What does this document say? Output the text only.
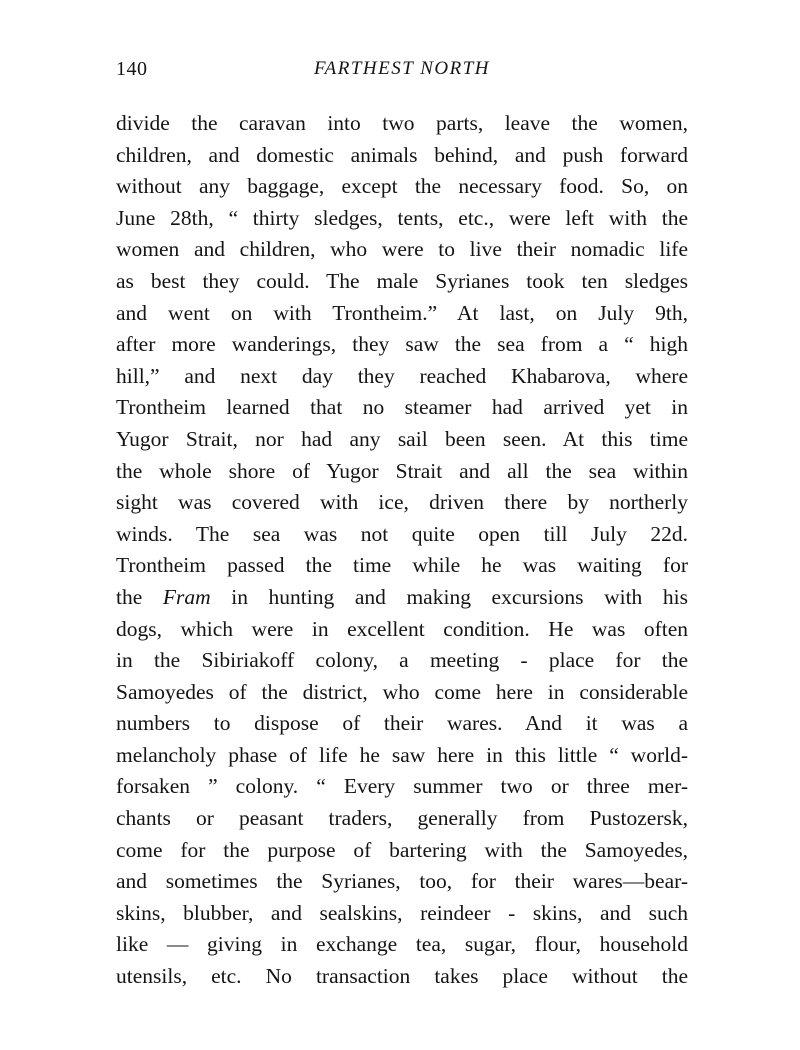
140	FARTHEST NORTH
divide the caravan into two parts, leave the women,
children, and domestic animals behind, and push forward
without any baggage, except the necessary food. So, on
June 28th, “ thirty sledges, tents, etc., were left with the
women and children, who were to live their nomadic life
as best they could. The male Syrianes took ten sledges
and went on with Trontheim.” At last, on July 9th,
after more wanderings, they saw the sea from a “ high
hill,” and next day they reached Khabarova, where
Trontheim learned that no steamer had arrived yet in
Yugor Strait, nor had any sail been seen. At this time
the whole shore of Yugor Strait and all the sea within
sight was covered with ice, driven there by northerly
winds. The sea was not quite open till July 22d.
Trontheim passed the time while he was waiting for
the Fram in hunting and making excursions with his
dogs, which were in excellent condition. He was often
in the Sibiriakoff colony, a meeting - place for the
Samoyedes of the district, who come here in considerable
numbers to dispose of their wares. And it was a
melancholy phase of life he saw here in this little “ world-
forsaken ” colony. “ Every summer two or three mer-
chants or peasant traders, generally from Pustozersk,
come for the purpose of bartering with the Samoyedes,
and sometimes the Syrianes, too, for their wares—bear-
skins, blubber, and sealskins, reindeer - skins, and such
like — giving in exchange tea, sugar, flour, household
utensils, etc. No transaction takes place without the
